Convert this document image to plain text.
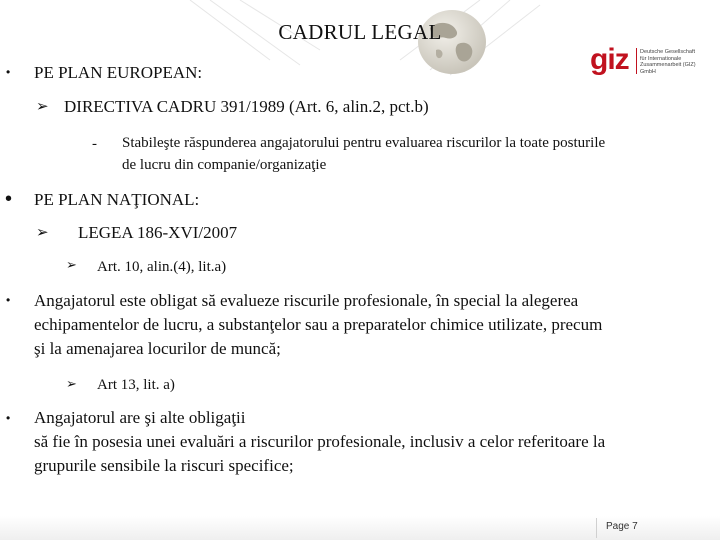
CADRUL LEGAL
giz Deutsche Gesellschaft
für Internationale
Zusammenarbeit (GIZ) GmbH
• PE PLAN EUROPEAN:
➢ DIRECTIVA CADRU 391/1989 (Art. 6, alin.2, pct.b)
- Stabileşte răspunderea angajatorului pentru evaluarea riscurilor la toate posturile
de lucru din companie/organizaţie
• PE PLAN NAŢIONAL:
➢ LEGEA 186-XVI/2007
➢ Art. 10, alin.(4), lit.a)
• Angajatorul este obligat să evalueze riscurile profesionale, în special la alegerea
echipamentelor de lucru, a substanţelor sau a preparatelor chimice utilizate, precum
şi la amenajarea locurilor de muncă;
➢ Art 13, lit. a)
• Angajatorul are şi alte obligaţii
să fie în posesia unei evaluări a riscurilor profesionale, inclusiv a celor referitoare la
grupurile sensibile la riscuri specifice;
Page 7
